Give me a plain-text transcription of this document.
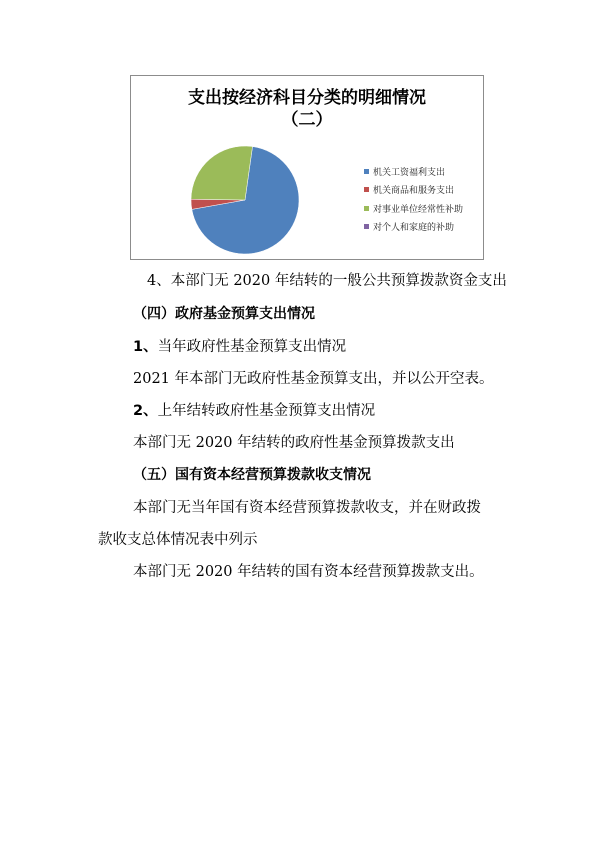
支出按经济科目分类的明细情况
（二）
机关工资福利支出
机关商品和服务支出
对事业单位经常性补助
对个人和家庭的补助
4、本部门无 2020 年结转的一般公共预算拨款资金支出
（四）政府基金预算支出情况
1、当年政府性基金预算支出情况
2021 年本部门无政府性基金预算支出，并以公开空表。
2、上年结转政府性基金预算支出情况
本部门无 2020 年结转的政府性基金预算拨款支出
（五）国有资本经营预算拨款收支情况
本部门无当年国有资本经营预算拨款收支，并在财政拨
款收支总体情况表中列示
本部门无 2020 年结转的国有资本经营预算拨款支出。
